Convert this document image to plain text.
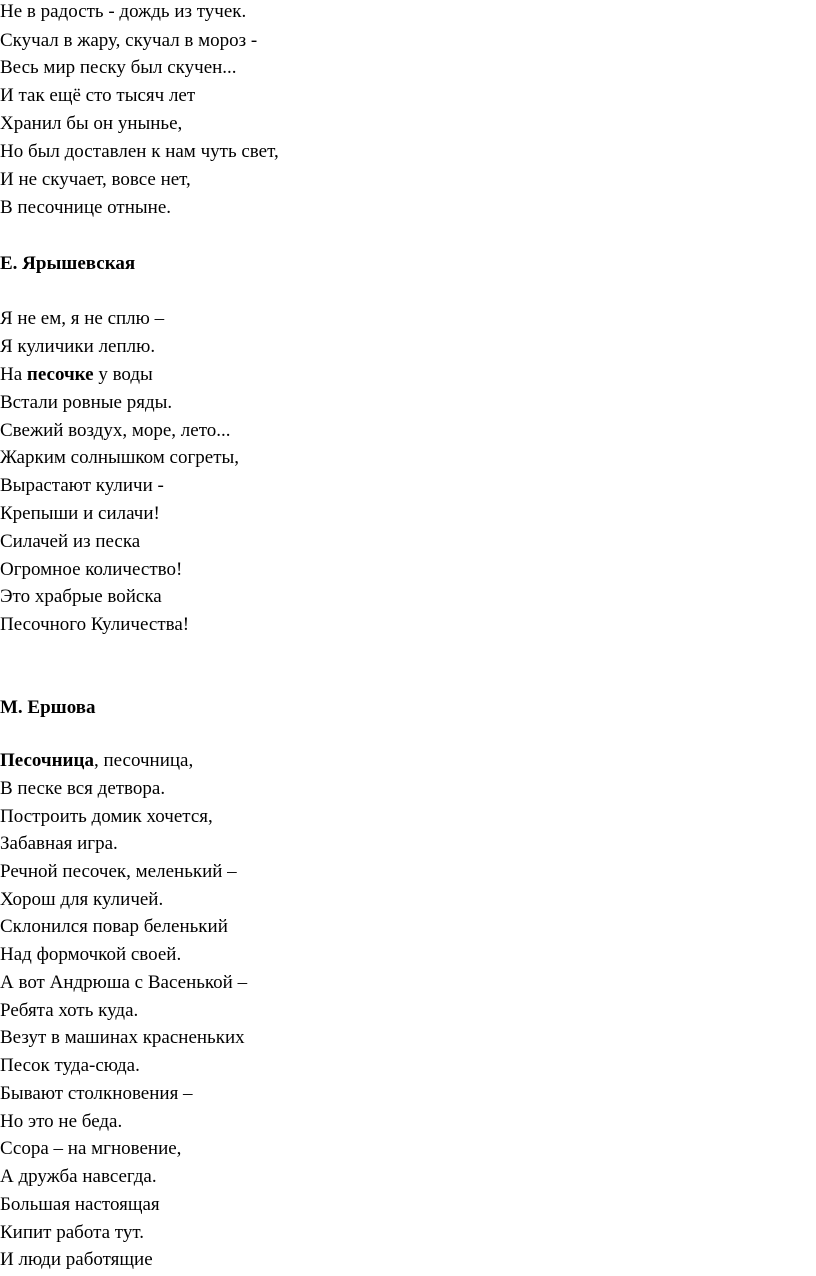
Не в радость - дождь из тучек.
Скучал в жару, скучал в мороз -
Весь мир песку был скучен...
И так ещё сто тысяч лет
Хранил бы он уныньe,
Но был доставлен к нам чуть свет,
И не скучает, вовсе нет,
В песочнице отныне.
Е. Ярышевская
Я не ем, я не сплю –
Я куличики леплю.
На песочке у воды
Встали ровные ряды.
Свежий воздух, море, лето...
Жарким солнышком согреты,
Вырастают куличи -
Крепыши и силачи!
Силачей из песка
Огромное количество!
Это храбрые войска
Песочного Куличества!
М. Ершова
Песочница, песочница,
В песке вся детвора.
Построить домик хочется,
Забавная игра.
Речной песочек, меленький –
Хорош для куличей.
Склонился повар беленький
Над формочкой своей.
А вот Андрюша с Васенькой –
Ребята хоть куда.
Везут в машинах красненьких
Песок туда-сюда.
Бывают столкновения –
Но это не беда.
Ссора – на мгновение,
А дружба навсегда.
Большая настоящая
Кипит работа тут.
И люди работящие
